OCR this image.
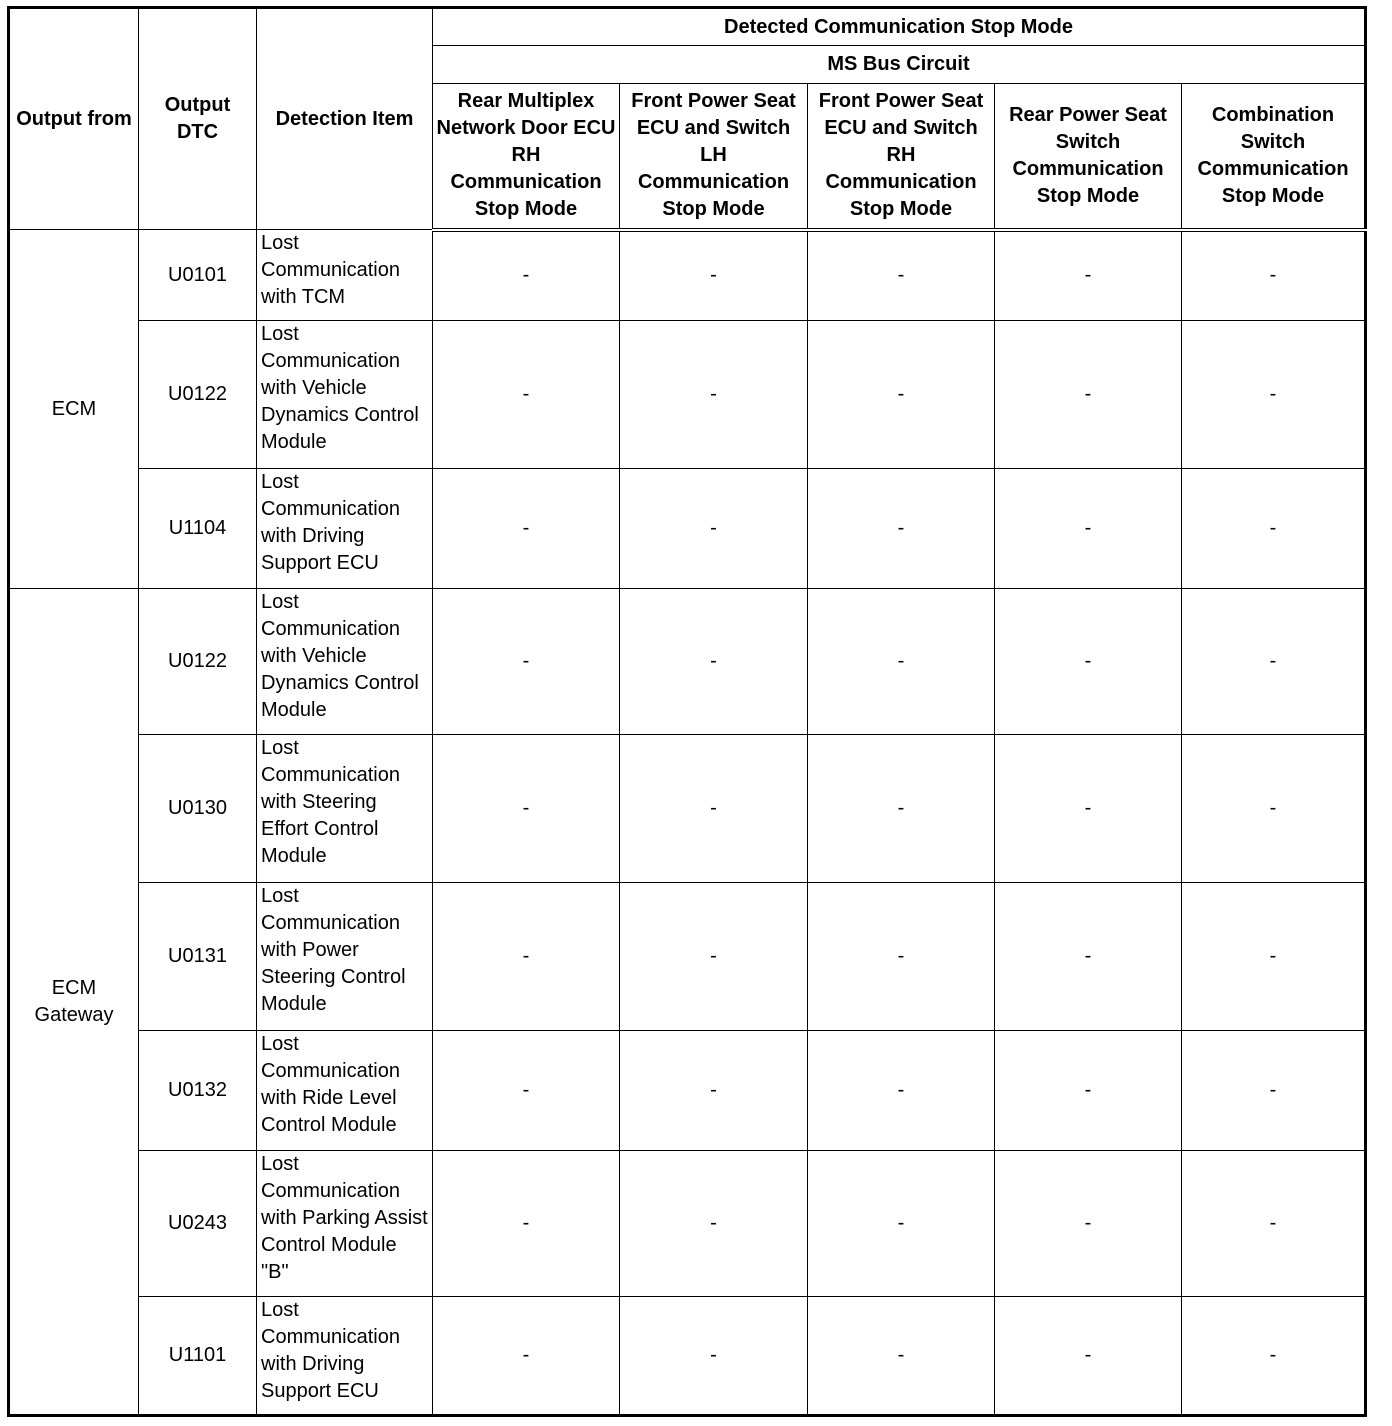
Output from	Output DTC	Detection Item	Detected Communication Stop Mode				
			MS Bus Circuit				
			Rear Multiplex Network Door ECU RH Communication Stop Mode	Front Power Seat ECU and Switch LH Communication Stop Mode	Front Power Seat ECU and Switch RH Communication Stop Mode	Rear Power Seat Switch Communication Stop Mode	Combination Switch Communication Stop Mode
ECM	U0101	Lost Communication with TCM	-	-	-	-	-
	U0122	Lost Communication with Vehicle Dynamics Control Module	-	-	-	-	-
	U1104	Lost Communication with Driving Support ECU	-	-	-	-	-
ECM Gateway	U0122	Lost Communication with Vehicle Dynamics Control Module	-	-	-	-	-
	U0130	Lost Communication with Steering Effort Control Module	-	-	-	-	-
	U0131	Lost Communication with Power Steering Control Module	-	-	-	-	-
	U0132	Lost Communication with Ride Level Control Module	-	-	-	-	-
	U0243	Lost Communication with Parking Assist Control Module "B"	-	-	-	-	-
	U1101	Lost Communication with Driving Support ECU	-	-	-	-	-
